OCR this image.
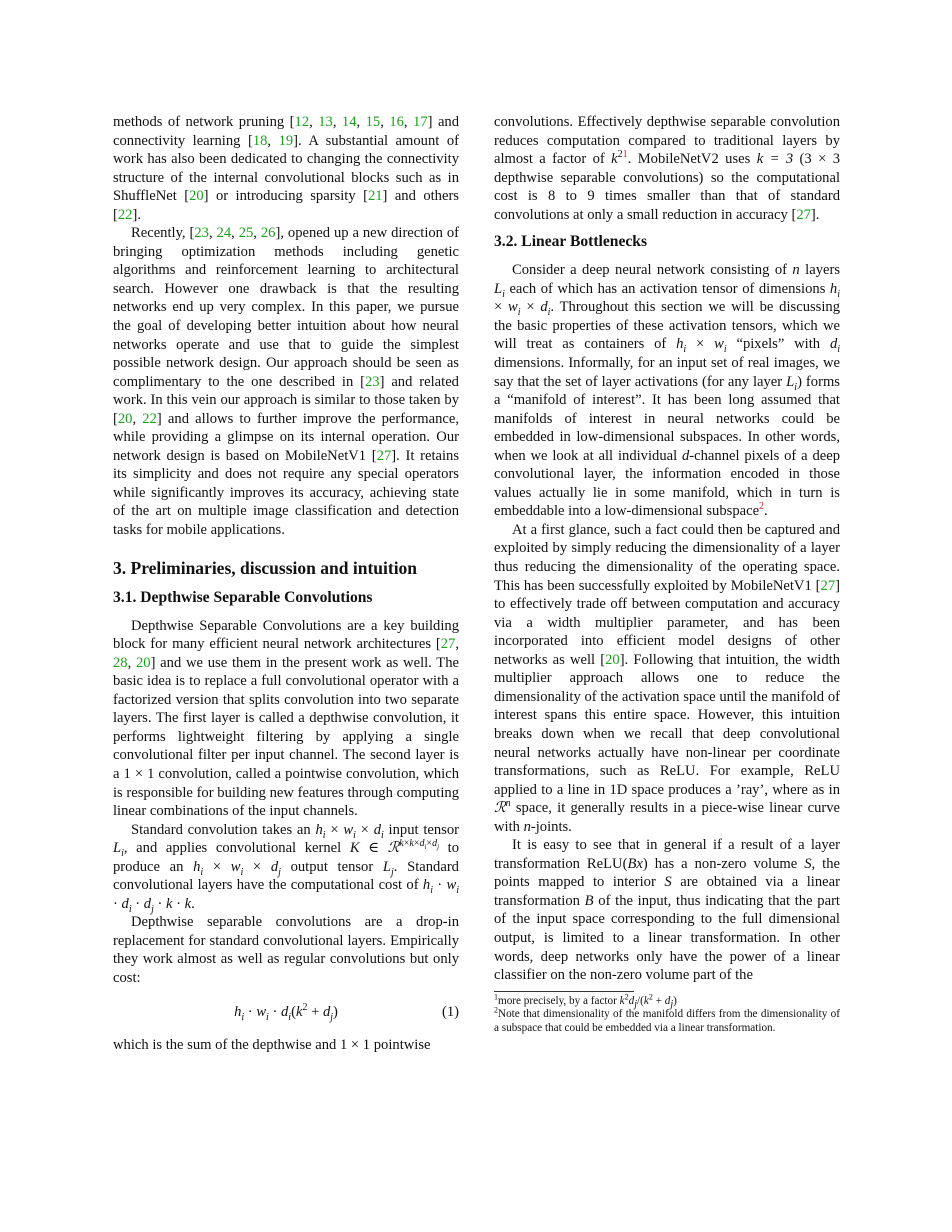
methods of network pruning [12, 13, 14, 15, 16, 17] and connectivity learning [18, 19]. A substantial amount of work has also been dedicated to changing the connectivity structure of the internal convolutional blocks such as in ShuffleNet [20] or introducing sparsity [21] and others [22].

Recently, [23, 24, 25, 26], opened up a new direction of bringing optimization methods including genetic algorithms and reinforcement learning to architectural search. However one drawback is that the resulting networks end up very complex. In this paper, we pursue the goal of developing better intuition about how neural networks operate and use that to guide the simplest possible network design. Our approach should be seen as complimentary to the one described in [23] and related work. In this vein our approach is similar to those taken by [20, 22] and allows to further improve the performance, while providing a glimpse on its internal operation. Our network design is based on MobileNetV1 [27]. It retains its simplicity and does not require any special operators while significantly improves its accuracy, achieving state of the art on multiple image classification and detection tasks for mobile applications.

3. Preliminaries, discussion and intuition
3.1. Depthwise Separable Convolutions

Depthwise Separable Convolutions are a key building block for many efficient neural network architectures [27, 28, 20] and we use them in the present work as well. The basic idea is to replace a full convolutional operator with a factorized version that splits convolution into two separate layers. The first layer is called a depthwise convolution, it performs lightweight filtering by applying a single convolutional filter per input channel. The second layer is a 1 × 1 convolution, called a pointwise convolution, which is responsible for building new features through computing linear combinations of the input channels.

Standard convolution takes an $h_i \times w_i \times d_i$ input tensor $L_i$, and applies convolutional kernel K ∈ ℛ$^{k\times k\times d_i\times d_j}$ to produce an $h_i \times w_i \times d_j$ output tensor $L_j$. Standard convolutional layers have the computational cost of $h_i \cdot w_i \cdot d_i \cdot d_j \cdot k \cdot k$.

Depthwise separable convolutions are a drop-in replacement for standard convolutional layers. Empirically they work almost as well as regular convolutions but only cost:

$h_i \cdot w_i \cdot d_i(k^2 + d_j)$	(1)

which is the sum of the depthwise and 1 × 1 pointwise

convolutions. Effectively depthwise separable convolution reduces computation compared to traditional layers by almost a factor of k$^{21}$. MobileNetV2 uses k = 3 (3 × 3 depthwise separable convolutions) so the computational cost is 8 to 9 times smaller than that of standard convolutions at only a small reduction in accuracy [27].

3.2. Linear Bottlenecks

Consider a deep neural network consisting of n layers $L_i$ each of which has an activation tensor of dimensions $h_i \times w_i \times d_i$. Throughout this section we will be discussing the basic properties of these activation tensors, which we will treat as containers of $h_i \times w_i$ “pixels” with $d_i$ dimensions. Informally, for an input set of real images, we say that the set of layer activations (for any layer $L_i$) forms a “manifold of interest”. It has been long assumed that manifolds of interest in neural networks could be embedded in low-dimensional subspaces. In other words, when we look at all individual d-channel pixels of a deep convolutional layer, the information encoded in those values actually lie in some manifold, which in turn is embeddable into a low-dimensional subspace$^2$.

At a first glance, such a fact could then be captured and exploited by simply reducing the dimensionality of a layer thus reducing the dimensionality of the operating space. This has been successfully exploited by MobileNetV1 [27] to effectively trade off between computation and accuracy via a width multiplier parameter, and has been incorporated into efficient model designs of other networks as well [20]. Following that intuition, the width multiplier approach allows one to reduce the dimensionality of the activation space until the manifold of interest spans this entire space. However, this intuition breaks down when we recall that deep convolutional neural networks actually have non-linear per coordinate transformations, such as ReLU. For example, ReLU applied to a line in 1D space produces a ’ray’, where as in ℛ$^n$ space, it generally results in a piece-wise linear curve with n-joints.

It is easy to see that in general if a result of a layer transformation ReLU(Bx) has a non-zero volume S, the points mapped to interior S are obtained via a linear transformation B of the input, thus indicating that the part of the input space corresponding to the full dimensional output, is limited to a linear transformation. In other words, deep networks only have the power of a linear classifier on the non-zero volume part of the

$^1$more precisely, by a factor $k^2d_j/(k^2 + d_j)$
$^2$Note that dimensionality of the manifold differs from the dimensionality of a subspace that could be embedded via a linear transformation.
